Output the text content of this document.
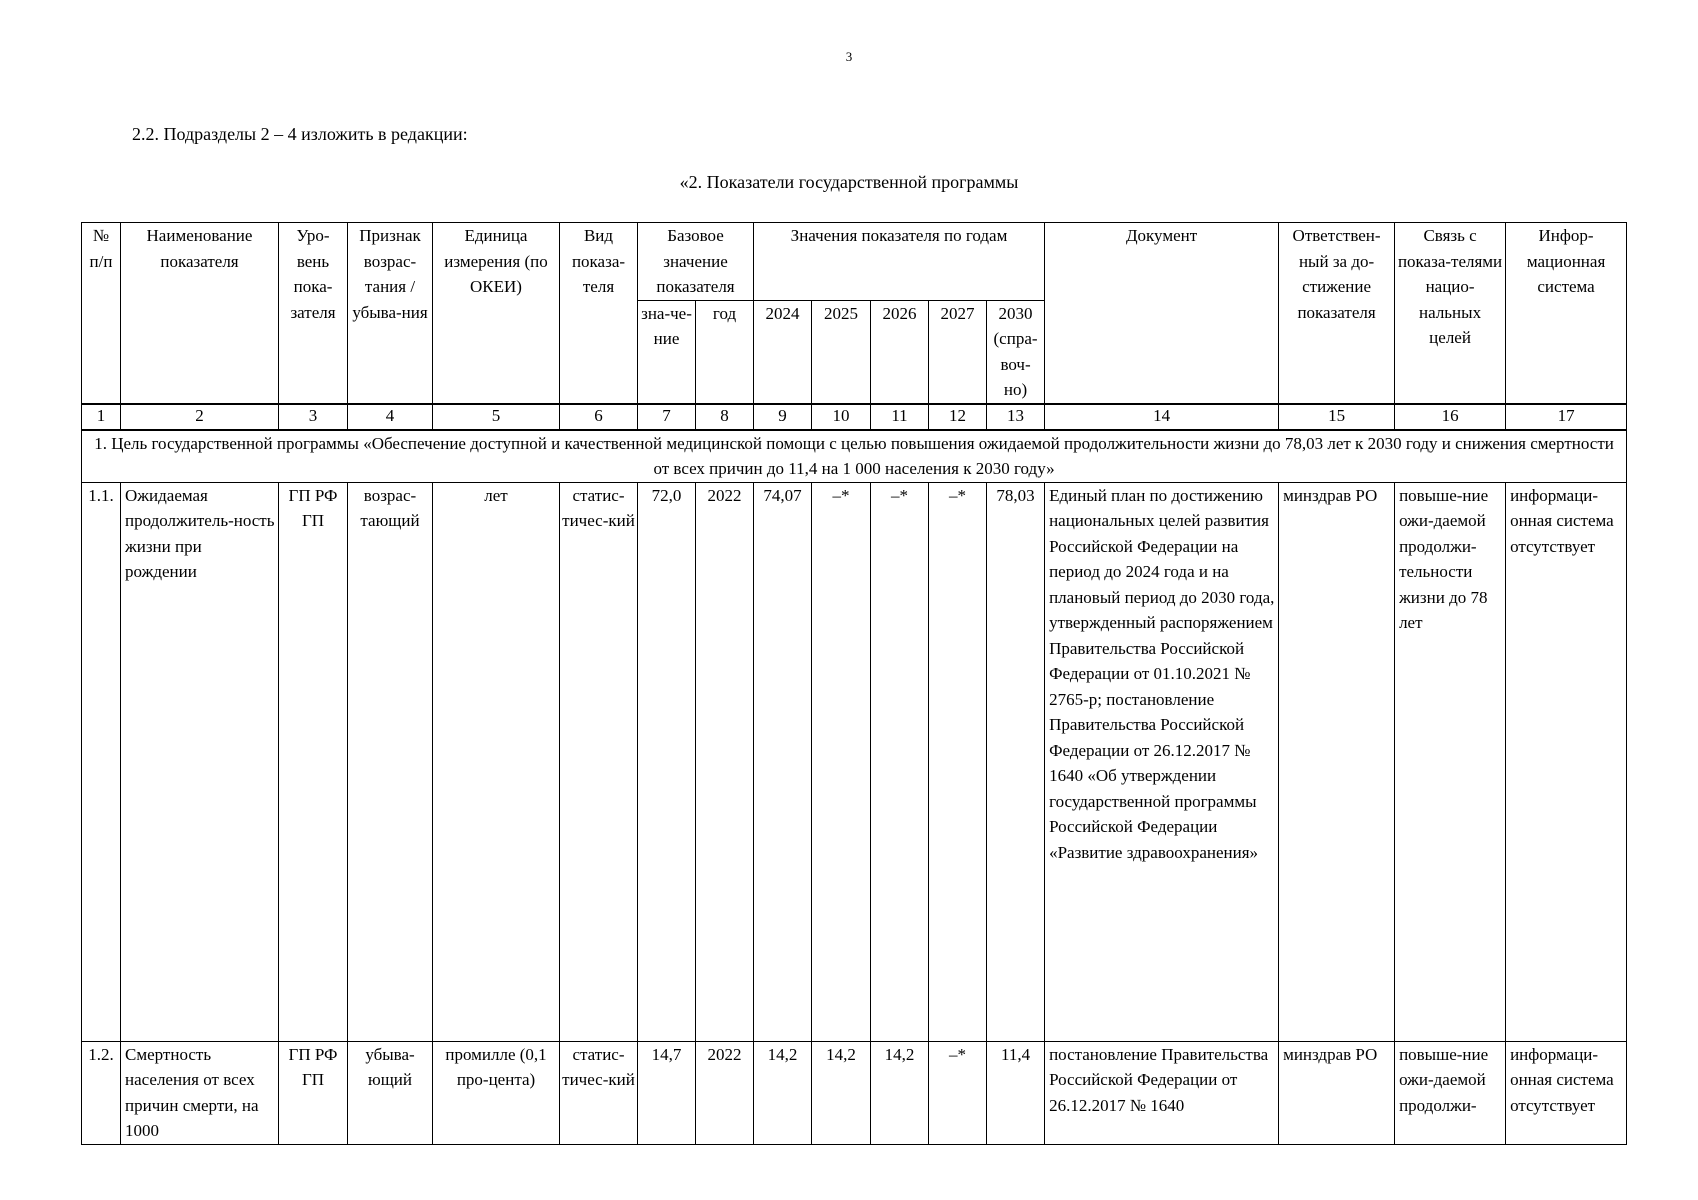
3
2.2. Подразделы 2 – 4 изложить в редакции:
«2. Показатели государственной программы
№ п/п	Наименование показателя	Уро-вень пока-зателя	Признак возрас-тания / убыва-ния	Единица измерения (по ОКЕИ)	Вид показа-теля	Базовое значение показателя		Значения показателя по годам					Документ	Ответствен-ный за до-стижение показателя	Связь с показа-телями нацио-нальных целей	Инфор-мационная система
						зна-че-ние	год	2024	2025	2026	2027	2030 (спра-воч-но)				
1	2	3	4	5	6	7	8	9	10	11	12	13	14	15	16	17
1. Цель государственной программы «Обеспечение доступной и качественной медицинской помощи с целью повышения ожидаемой продолжительности жизни до 78,03 лет к 2030 году и снижения смертности от всех причин до 11,4 на 1 000 населения к 2030 году»																
1.1.	Ожидаемая продолжитель-ность жизни при рождении	ГП РФ ГП	возрас-тающий	лет	статис-тичес-кий	72,0	2022	74,07	–*	–*	–*	78,03	Единый план по достижению национальных целей развития Российской Федерации на период до 2024 года и на плановый период до 2030 года, утвержденный распоряжением Правительства Российской Федерации от 01.10.2021 № 2765-р; постановление Правительства Российской Федерации от 26.12.2017 № 1640 «Об утверждении государственной программы Российской Федерации «Развитие здравоохранения»	минздрав РО	повыше-ние ожи-даемой продолжи-тельности жизни до 78 лет	информаци-онная система отсутствует
1.2.	Смертность населения от всех причин смерти, на 1000	ГП РФ ГП	убыва-ющий	промилле (0,1 про-цента)	статис-тичес-кий	14,7	2022	14,2	14,2	14,2	–*	11,4	постановление Правительства Российской Федерации от 26.12.2017 № 1640	минздрав РО	повыше-ние ожи-даемой продолжи-	информаци-онная система отсутствует
